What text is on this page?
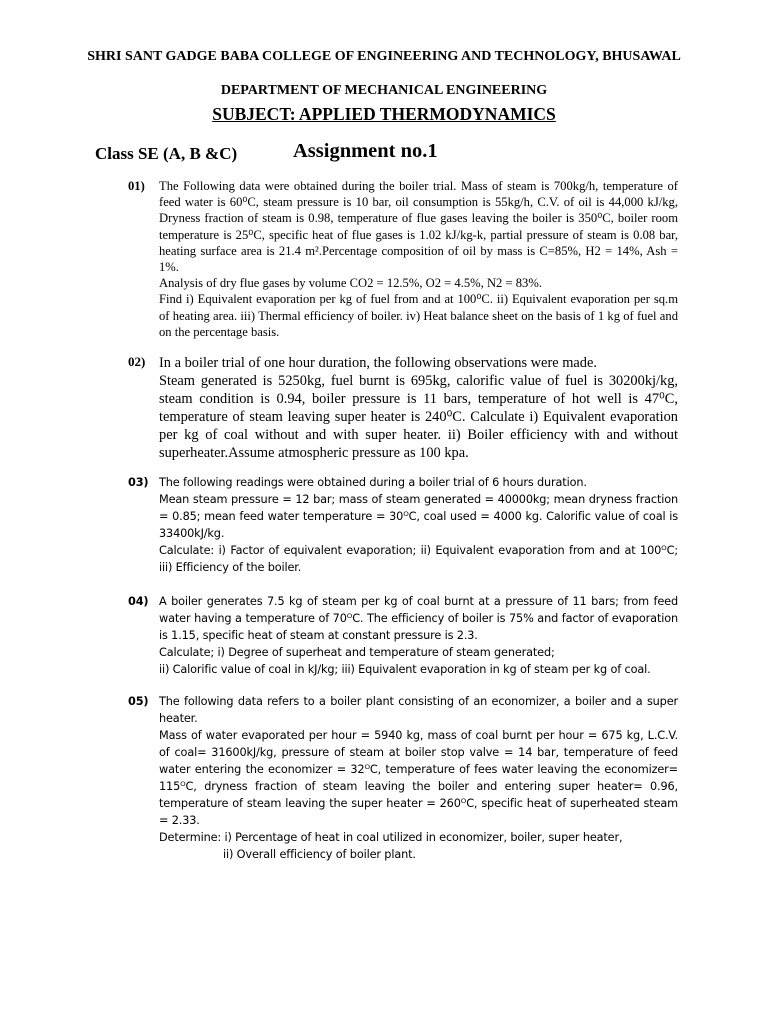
SHRI SANT GADGE BABA COLLEGE OF ENGINEERING AND TECHNOLOGY, BHUSAWAL
DEPARTMENT OF MECHANICAL ENGINEERING
SUBJECT: APPLIED THERMODYNAMICS
Class SE (A, B &C)	Assignment no.1
01) The Following data were obtained during the boiler trial. Mass of steam is 700kg/h, temperature of feed water is 60⁰C, steam pressure is 10 bar, oil consumption is 55kg/h, C.V. of oil is 44,000 kJ/kg, Dryness fraction of steam is 0.98, temperature of flue gases leaving the boiler is 350⁰C, boiler room temperature is 25⁰C, specific heat of flue gases is 1.02 kJ/kg-k, partial pressure of steam is 0.08 bar, heating surface area is 21.4 m².Percentage composition of oil by mass is C=85%, H2 = 14%, Ash = 1%.

Analysis of dry flue gases by volume CO2 = 12.5%, O2 = 4.5%, N2 = 83%.

Find i) Equivalent evaporation per kg of fuel from and at 100⁰C. ii) Equivalent evaporation per sq.m of heating area. iii) Thermal efficiency of boiler. iv) Heat balance sheet on the basis of 1 kg of fuel and on the percentage basis.

02) In a boiler trial of one hour duration, the following observations were made.

Steam generated is 5250kg, fuel burnt is 695kg, calorific value of fuel is 30200kj/kg, steam condition is 0.94, boiler pressure is 11 bars, temperature of hot well is 47⁰C, temperature of steam leaving super heater is 240⁰C. Calculate i) Equivalent evaporation per kg of coal without and with super heater. ii) Boiler efficiency with and without superheater.Assume atmospheric pressure as 100 kpa.

03) The following readings were obtained during a boiler trial of 6 hours duration.

Mean steam pressure = 12 bar; mass of steam generated = 40000kg; mean dryness fraction = 0.85; mean feed water temperature = 30ᴼC, coal used = 4000 kg. Calorific value of coal is 33400kJ/kg.

Calculate: i) Factor of equivalent evaporation; ii) Equivalent evaporation from and at 100ᴼC; iii) Efficiency of the boiler.

04) A boiler generates 7.5 kg of steam per kg of coal burnt at a pressure of 11 bars; from feed water having a temperature of 70ᴼC. The efficiency of boiler is 75% and factor of evaporation is 1.15, specific heat of steam at constant pressure is 2.3.

Calculate; i) Degree of superheat and temperature of steam generated;

ii) Calorific value of coal in kJ/kg; iii) Equivalent evaporation in kg of steam per kg of coal.

05) The following data refers to a boiler plant consisting of an economizer, a boiler and a super heater.

Mass of water evaporated per hour = 5940 kg, mass of coal burnt per hour = 675 kg, L.C.V. of coal= 31600kJ/kg, pressure of steam at boiler stop valve = 14 bar, temperature of feed water entering the economizer = 32ᴼC, temperature of fees water leaving the economizer= 115ᴼC, dryness fraction of steam leaving the boiler and entering super heater= 0.96, temperature of steam leaving the super heater = 260ᴼC, specific heat of superheated steam = 2.33.

Determine: i) Percentage of heat in coal utilized in economizer, boiler, super heater,

ii) Overall efficiency of boiler plant.
